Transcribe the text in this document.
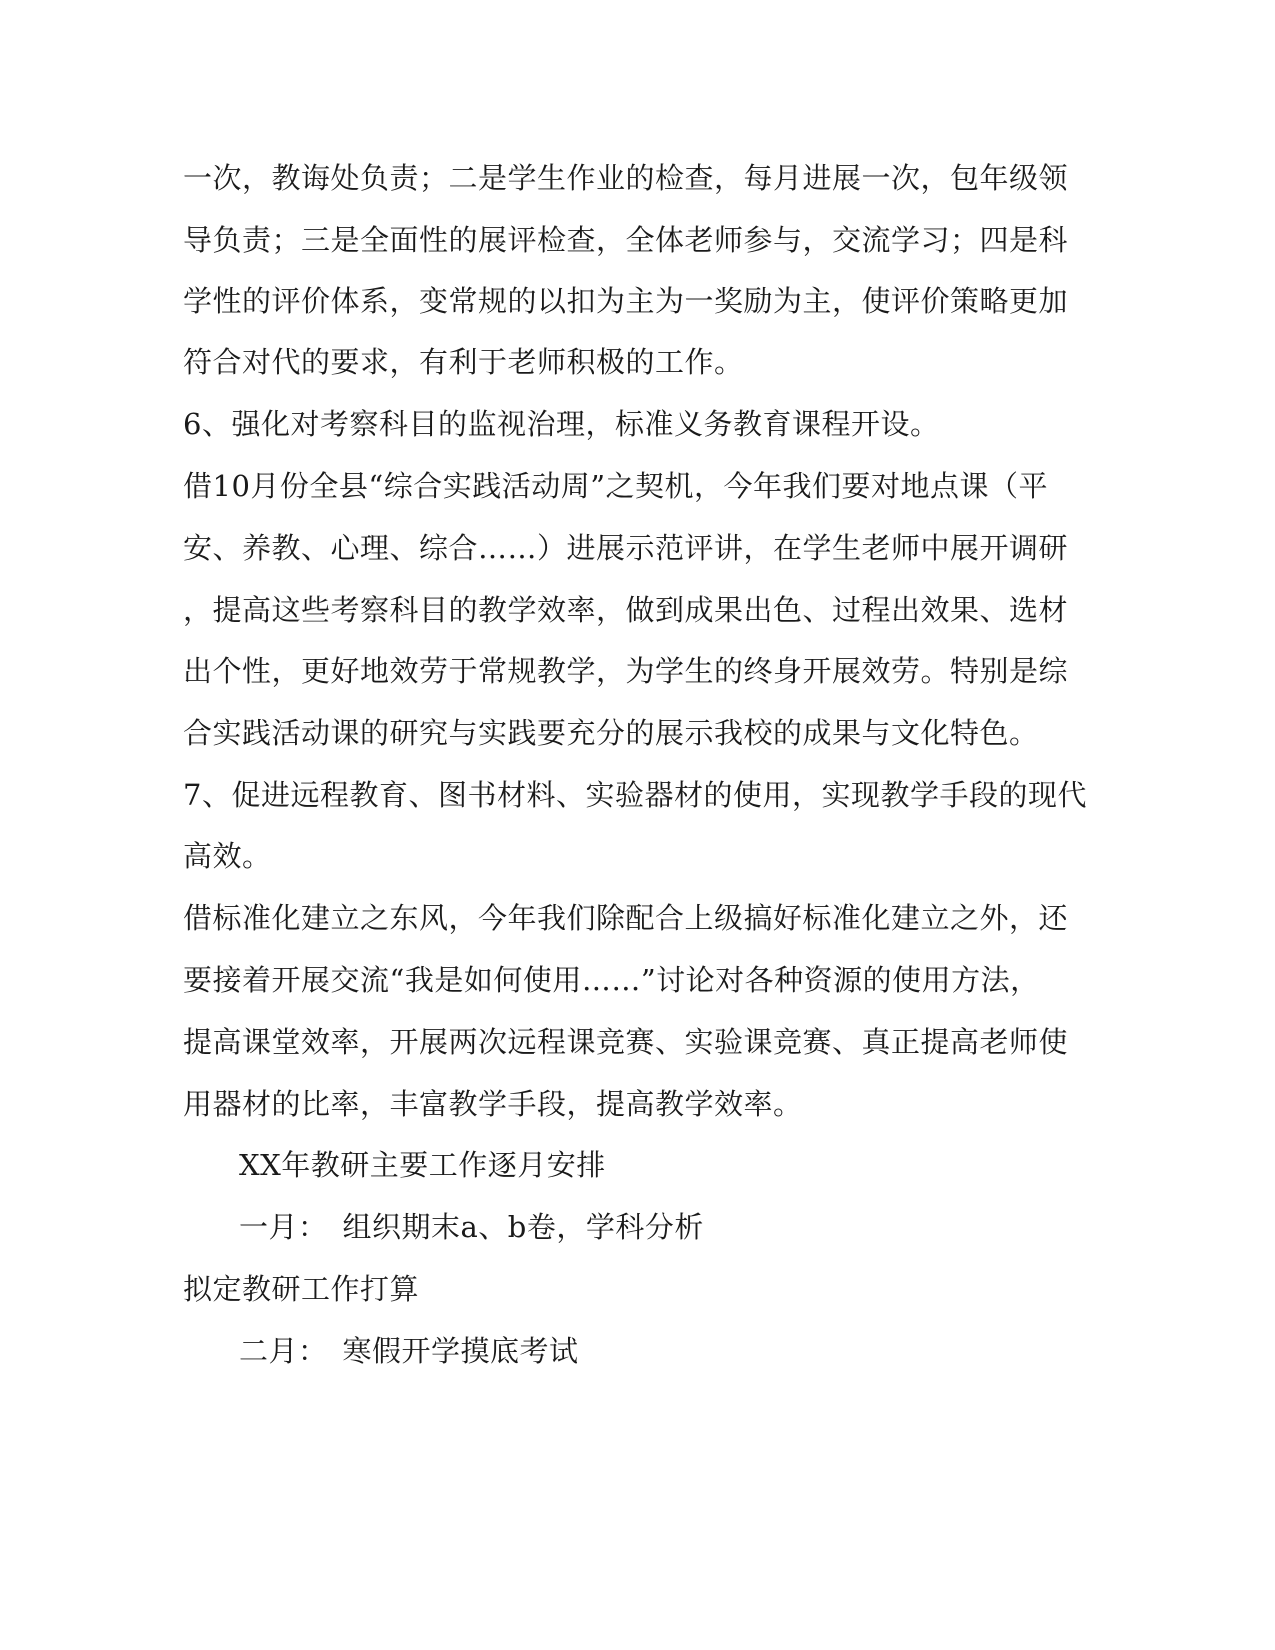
一次，教诲处负责；二是学生作业的检查，每月进展一次，包年级领
导负责；三是全面性的展评检查，全体老师参与，交流学习；四是科
学性的评价体系，变常规的以扣为主为一奖励为主，使评价策略更加
符合对代的要求，有利于老师积极的工作。
6、强化对考察科目的监视治理，标准义务教育课程开设。
借10月份全县“综合实践活动周”之契机，今年我们要对地点课（平
安、养教、心理、综合……）进展示范评讲，在学生老师中展开调研
，提高这些考察科目的教学效率，做到成果出色、过程出效果、选材
出个性，更好地效劳于常规教学，为学生的终身开展效劳。特别是综
合实践活动课的研究与实践要充分的展示我校的成果与文化特色。
7、促进远程教育、图书材料、实验器材的使用，实现教学手段的现代
高效。
借标准化建立之东风，今年我们除配合上级搞好标准化建立之外，还
要接着开展交流“我是如何使用……”讨论对各种资源的使用方法，
提高课堂效率，开展两次远程课竞赛、实验课竞赛、真正提高老师使
用器材的比率，丰富教学手段，提高教学效率。
XX年教研主要工作逐月安排
一月：　组织期末a、b卷，学科分析
拟定教研工作打算
二月：　寒假开学摸底考试
